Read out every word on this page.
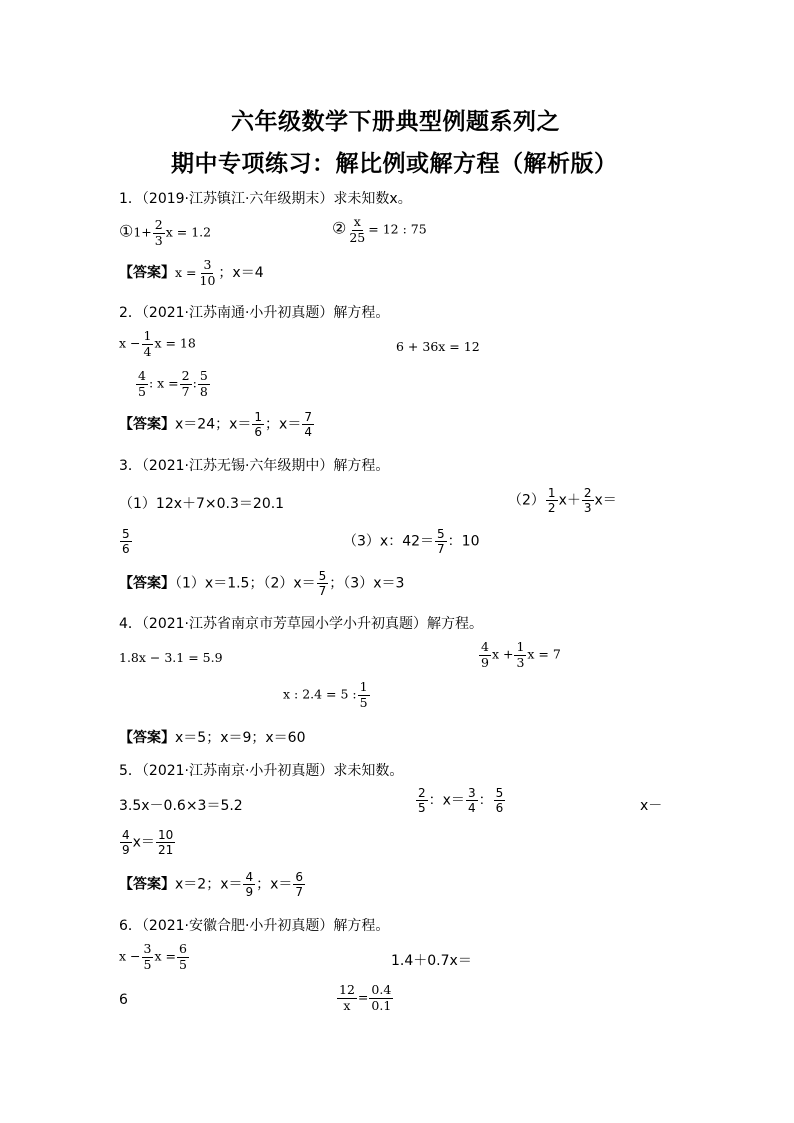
六年级数学下册典型例题系列之
期中专项练习：解比例或解方程（解析版）
1．（2019·江苏镇江·六年级期末）求未知数x。
①1+ $\frac{2}{3}$ x = 1.2	② $\frac{x}{25} = 12$ : 75
【答案】$x = \frac{3}{10}$ ；x＝4
2．（2021·江苏南通·小升初真题）解方程。
$x - \frac{1}{4}$ x = 18	6 + 36x = 12
$\frac{4}{5}$ : $x = \frac{2}{7}$ : $\frac{5}{8}$
【答案】x＝24；$x= \frac{1}{6}$ ；$x= \frac{7}{4}$
3．（2021·江苏无锡·六年级期中）解方程。
（1）12x＋7×0.3＝20.1	$(2) \frac{1}{2} x+ \frac{2}{3} x=$
$\frac{5}{6}$	（3）x：$42= \frac{5}{7}$ ：10
【答案】（1）x＝1.5；$(2)x= \frac{5}{7}$ ；（3）x＝3
4．（2021·江苏省南京市芳草园小学小升初真题）解方程。
1.8x − 3.1 = 5.9	$\frac{4}{9}$ $x + \frac{1}{3}$ x = 7
x : 2.4 = 5 : $\frac{1}{5}$
【答案】x＝5；x＝9；x＝60
5．（2021·江苏南京·小升初真题）求未知数。
3.5x－0.6×3＝5.2	$\frac{2}{5}$ ：$x= \frac{3}{4}$ ： $\frac{5}{6}$	x－
$\frac{4}{9} x= \frac{10}{21}$
【答案】x＝2；$x= \frac{4}{9}$ ；$x= \frac{6}{7}$
6．（2021·安徽合肥·小升初真题）解方程。
$x - \frac{3}{5}$ $x = \frac{6}{5}$	1.4＋0.7x＝
6	$\frac{12}{x} = \frac{0.4}{0.1}$
